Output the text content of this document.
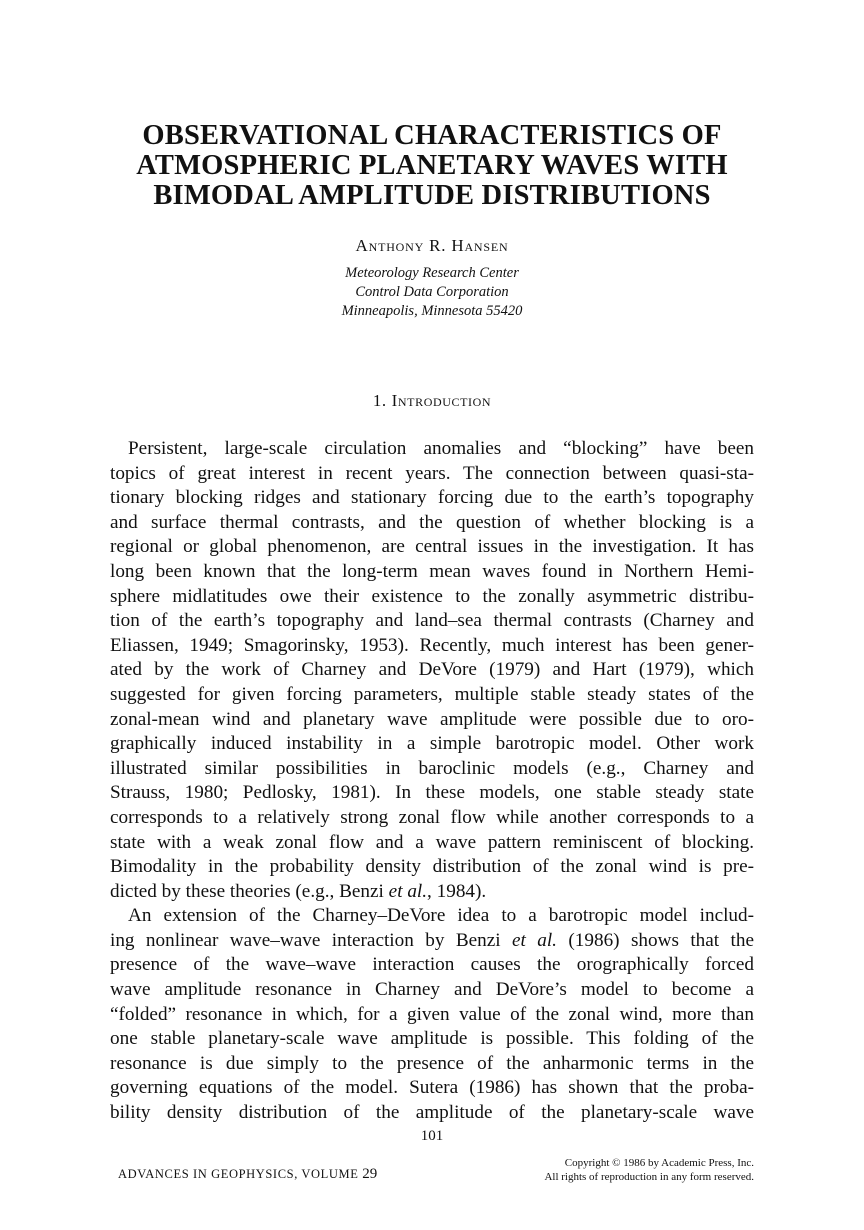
OBSERVATIONAL CHARACTERISTICS OF
ATMOSPHERIC PLANETARY WAVES WITH
BIMODAL AMPLITUDE DISTRIBUTIONS
Anthony R. Hansen
Meteorology Research Center
Control Data Corporation
Minneapolis, Minnesota 55420
1. Introduction
Persistent, large-scale circulation anomalies and “blocking” have been
topics of great interest in recent years. The connection between quasi-sta-
tionary blocking ridges and stationary forcing due to the earth’s topography
and surface thermal contrasts, and the question of whether blocking is a
regional or global phenomenon, are central issues in the investigation. It has
long been known that the long-term mean waves found in Northern Hemi-
sphere midlatitudes owe their existence to the zonally asymmetric distribu-
tion of the earth’s topography and land–sea thermal contrasts (Charney and
Eliassen, 1949; Smagorinsky, 1953). Recently, much interest has been gener-
ated by the work of Charney and DeVore (1979) and Hart (1979), which
suggested for given forcing parameters, multiple stable steady states of the
zonal-mean wind and planetary wave amplitude were possible due to oro-
graphically induced instability in a simple barotropic model. Other work
illustrated similar possibilities in baroclinic models (e.g., Charney and
Strauss, 1980; Pedlosky, 1981). In these models, one stable steady state
corresponds to a relatively strong zonal flow while another corresponds to a
state with a weak zonal flow and a wave pattern reminiscent of blocking.
Bimodality in the probability density distribution of the zonal wind is pre-
dicted by these theories (e.g., Benzi et al., 1984).
An extension of the Charney–DeVore idea to a barotropic model includ-
ing nonlinear wave–wave interaction by Benzi et al. (1986) shows that the
presence of the wave–wave interaction causes the orographically forced
wave amplitude resonance in Charney and DeVore’s model to become a
“folded” resonance in which, for a given value of the zonal wind, more than
one stable planetary-scale wave amplitude is possible. This folding of the
resonance is due simply to the presence of the anharmonic terms in the
governing equations of the model. Sutera (1986) has shown that the proba-
bility density distribution of the amplitude of the planetary-scale wave
101
ADVANCES IN GEOPHYSICS, VOLUME 29
Copyright © 1986 by Academic Press, Inc.
All rights of reproduction in any form reserved.
